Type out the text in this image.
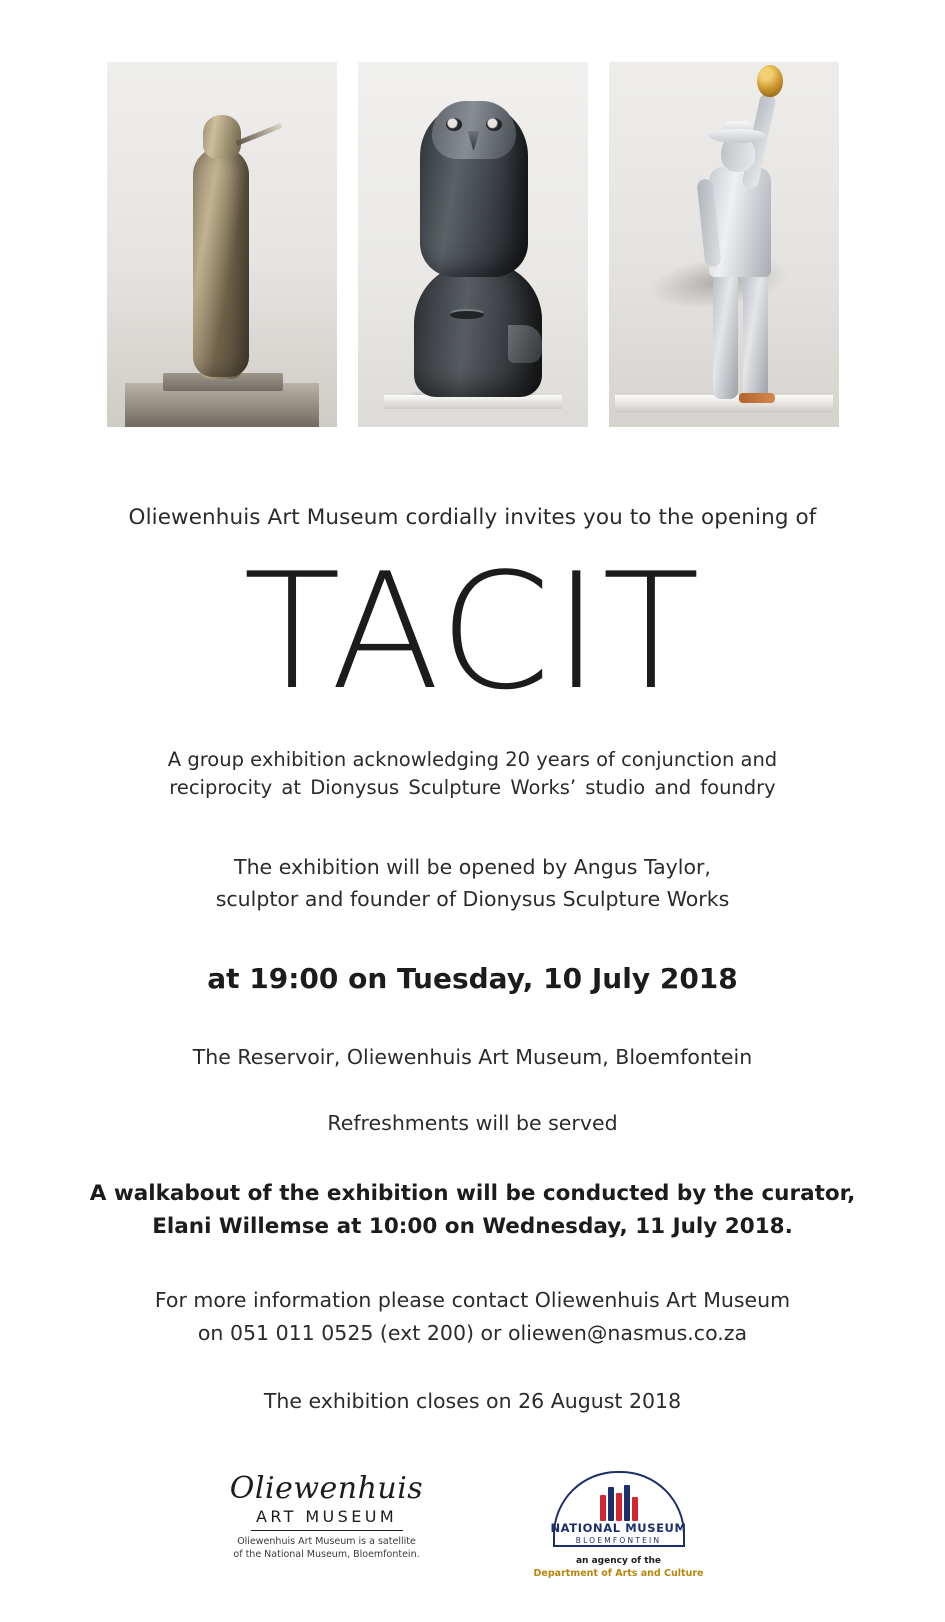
Oliewenhuis Art Museum cordially invites you to the opening of
TACIT
A group exhibition acknowledging 20 years of conjunction and
reciprocity at Dionysus Sculpture Works’ studio and foundry
The exhibition will be opened by Angus Taylor,
sculptor and founder of Dionysus Sculpture Works
at 19:00 on Tuesday, 10 July 2018
The Reservoir, Oliewenhuis Art Museum, Bloemfontein
Refreshments will be served
A walkabout of the exhibition will be conducted by the curator,
Elani Willemse at 10:00 on Wednesday, 11 July 2018.
For more information please contact Oliewenhuis Art Museum
on 051 011 0525 (ext 200) or oliewen@nasmus.co.za
The exhibition closes on 26 August 2018
Oliewenhuis
ART MUSEUM
Oliewenhuis Art Museum is a satellite
of the National Museum, Bloemfontein.
NATIONAL MUSEUM
BLOEMFONTEIN
an agency of the
Department of Arts and Culture
